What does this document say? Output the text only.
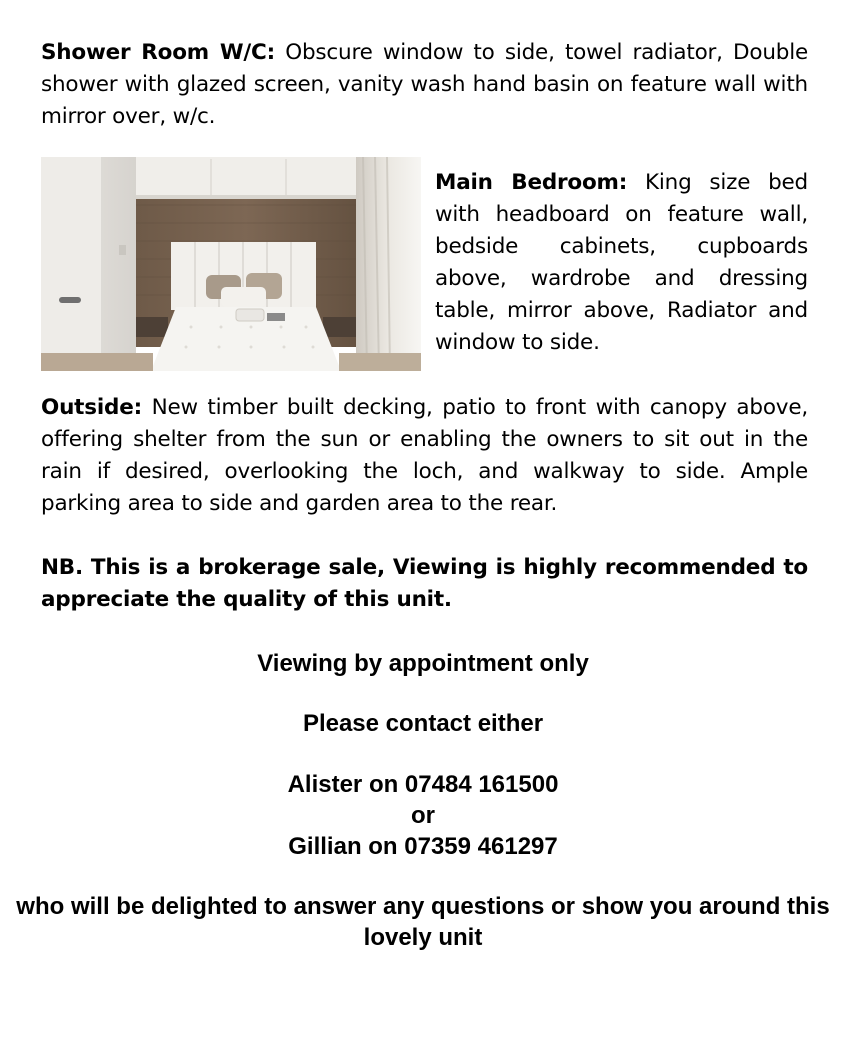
Shower Room W/C: Obscure window to side, towel radiator, Double shower with glazed screen, vanity wash hand basin on feature wall with mirror over, w/c.
Main Bedroom: King size bed with headboard on feature wall, bedside cabinets, cupboards above, wardrobe and dressing table, mirror above, Radiator and window to side.
Outside: New timber built decking, patio to front with canopy above, offering shelter from the sun or enabling the owners to sit out in the rain if desired, overlooking the loch, and walkway to side. Ample parking area to side and garden area to the rear.
NB. This is a brokerage sale, Viewing is highly recommended to appreciate the quality of this unit.
Viewing by appointment only
Please contact either
Alister on 07484 161500
or
Gillian on 07359 461297
who will be delighted to answer any questions or show you around this lovely unit
